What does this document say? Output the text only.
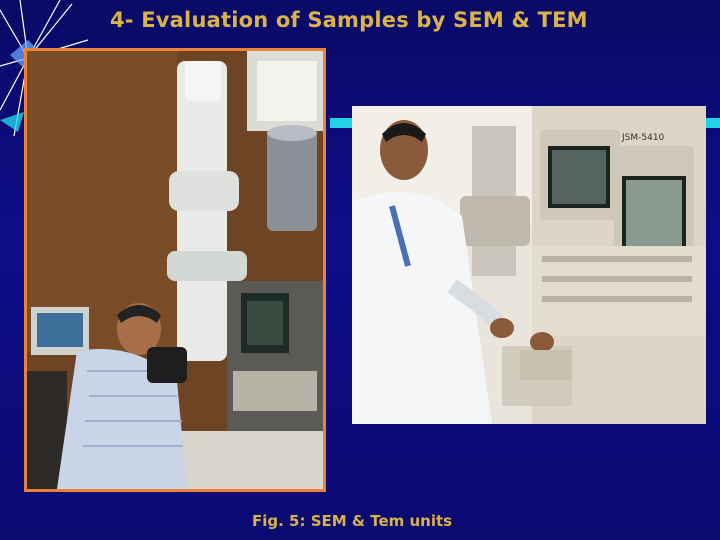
4- Evaluation of Samples by SEM & TEM
JSM-5410
Fig. 5: SEM & Tem units
